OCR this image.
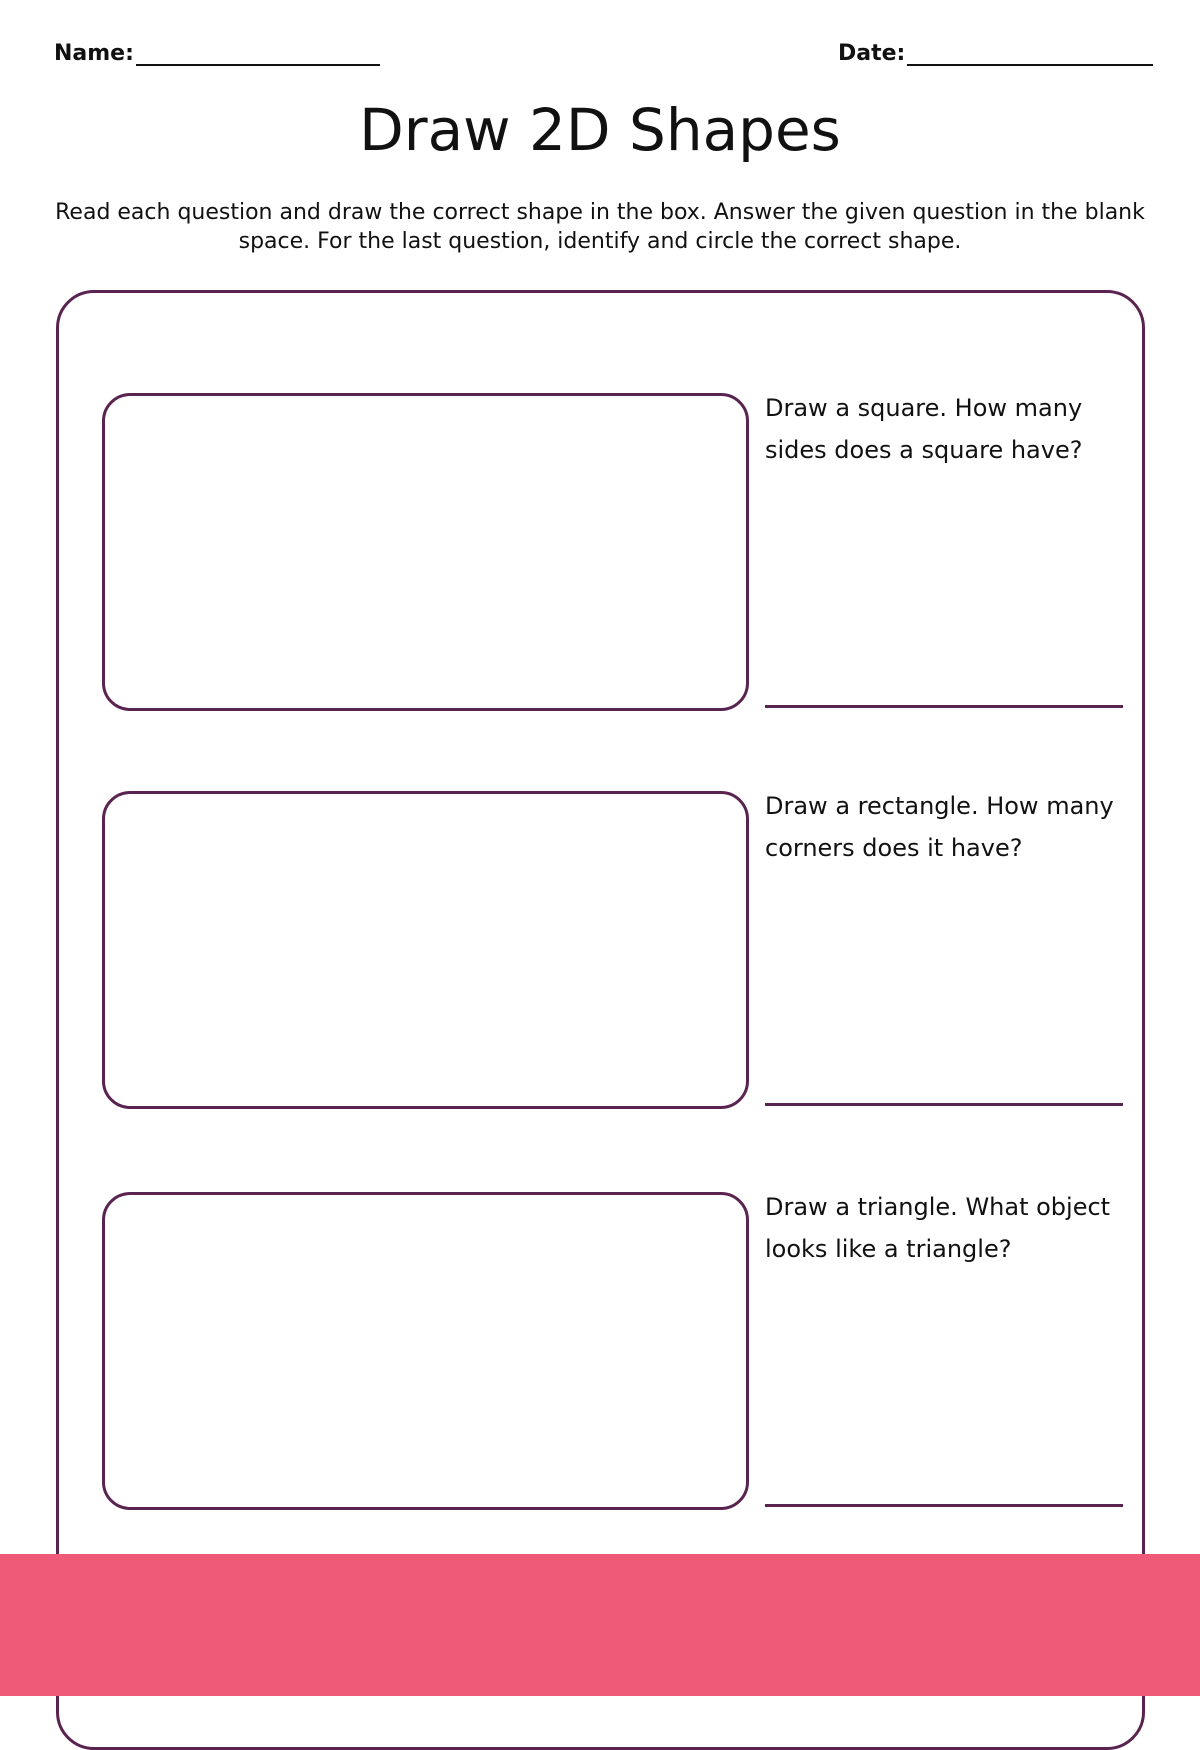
Name:	Date:
Draw 2D Shapes

Read each question and draw the correct shape in the box. Answer the given question in the blank space. For the last question, identify and circle the correct shape.

Draw a square. How many sides does a square have?

Draw a rectangle. How many corners does it have?

Draw a triangle. What object looks like a triangle?
